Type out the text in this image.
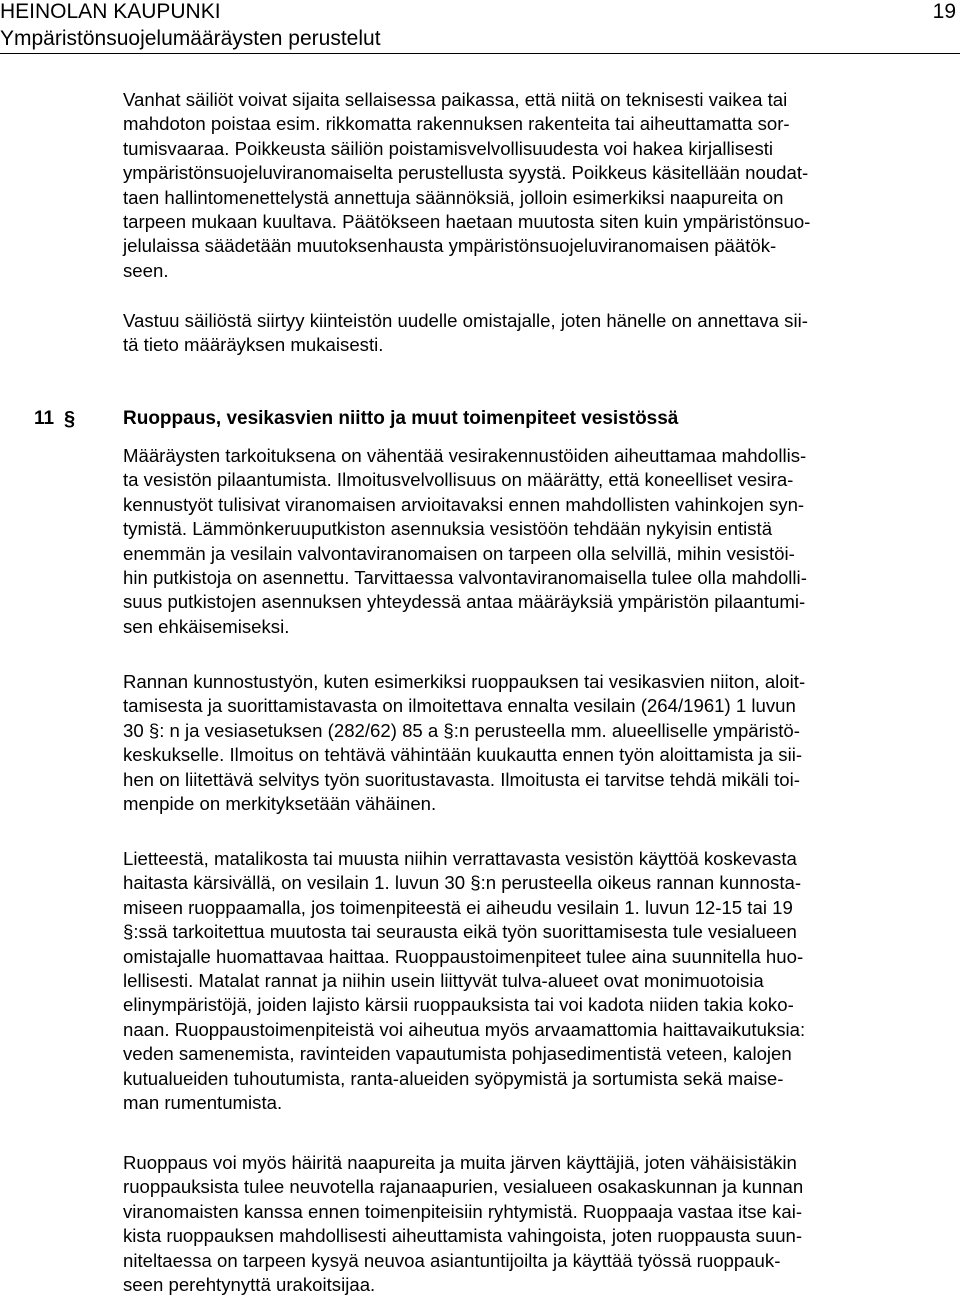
HEINOLAN KAUPUNKI
Ympäristönsuojelumääräysten perustelut
19

Vanhat säiliöt voivat sijaita sellaisessa paikassa, että niitä on teknisesti vaikea tai
mahdoton poistaa esim. rikkomatta rakennuksen rakenteita tai aiheuttamatta sor-
tumisvaaraa. Poikkeusta säiliön poistamisvelvollisuudesta voi hakea kirjallisesti
ympäristönsuojeluviranomaiselta perustellusta syystä. Poikkeus käsitellään noudat-
taen hallintomenettelystä annettuja säännöksiä, jolloin esimerkiksi naapureita on
tarpeen mukaan kuultava. Päätökseen haetaan muutosta siten kuin ympäristönsuo-
jelulaissa säädetään muutoksenhausta ympäristönsuojeluviranomaisen päätök-
seen.

Vastuu säiliöstä siirtyy kiinteistön uudelle omistajalle, joten hänelle on annettava sii-
tä tieto määräyksen mukaisesti.

11 §	Ruoppaus, vesikasvien niitto ja muut toimenpiteet vesistössä

Määräysten tarkoituksena on vähentää vesirakennustöiden aiheuttamaa mahdollis-
ta vesistön pilaantumista. Ilmoitusvelvollisuus on määrätty, että koneelliset vesira-
kennustyöt tulisivat viranomaisen arvioitavaksi ennen mahdollisten vahinkojen syn-
tymistä. Lämmönkeruuputkiston asennuksia vesistöön tehdään nykyisin entistä
enemmän ja vesilain valvontaviranomaisen on tarpeen olla selvillä, mihin vesistöi-
hin putkistoja on asennettu. Tarvittaessa valvontaviranomaisella tulee olla mahdolli-
suus putkistojen asennuksen yhteydessä antaa määräyksiä ympäristön pilaantumi-
sen ehkäisemiseksi.

Rannan kunnostustyön, kuten esimerkiksi ruoppauksen tai vesikasvien niiton, aloit-
tamisesta ja suorittamistavasta on ilmoitettava ennalta vesilain (264/1961) 1 luvun
30 §: n ja vesiasetuksen (282/62) 85 a §:n perusteella mm. alueelliselle ympäristö-
keskukselle. Ilmoitus on tehtävä vähintään kuukautta ennen työn aloittamista ja sii-
hen on liitettävä selvitys työn suoritustavasta. Ilmoitusta ei tarvitse tehdä mikäli toi-
menpide on merkityksetään vähäinen.

Lietteestä, matalikosta tai muusta niihin verrattavasta vesistön käyttöä koskevasta
haitasta kärsivällä, on vesilain 1. luvun 30 §:n perusteella oikeus rannan kunnosta-
miseen ruoppaamalla, jos toimenpiteestä ei aiheudu vesilain 1. luvun 12-15 tai 19
§:ssä tarkoitettua muutosta tai seurausta eikä työn suorittamisesta tule vesialueen
omistajalle huomattavaa haittaa. Ruoppaustoimenpiteet tulee aina suunnitella huo-
lellisesti. Matalat rannat ja niihin usein liittyvät tulva-alueet ovat monimuotoisia
elinympäristöjä, joiden lajisto kärsii ruoppauksista tai voi kadota niiden takia koko-
naan. Ruoppaustoimenpiteistä voi aiheutua myös arvaamattomia haittavaikutuksia:
veden samenemista, ravinteiden vapautumista pohjasedimentistä veteen, kalojen
kutualueiden tuhoutumista, ranta-alueiden syöpymistä ja sortumista sekä maise-
man rumentumista.

Ruoppaus voi myös häiritä naapureita ja muita järven käyttäjiä, joten vähäisistäkin
ruoppauksista tulee neuvotella rajanaapurien, vesialueen osakaskunnan ja kunnan
viranomaisten kanssa ennen toimenpiteisiin ryhtymistä. Ruoppaaja vastaa itse kai-
kista ruoppauksen mahdollisesti aiheuttamista vahingoista, joten ruoppausta suun-
niteltaessa on tarpeen kysyä neuvoa asiantuntijoilta ja käyttää työssä ruoppauk-
seen perehtynyttä urakoitsijaa.
